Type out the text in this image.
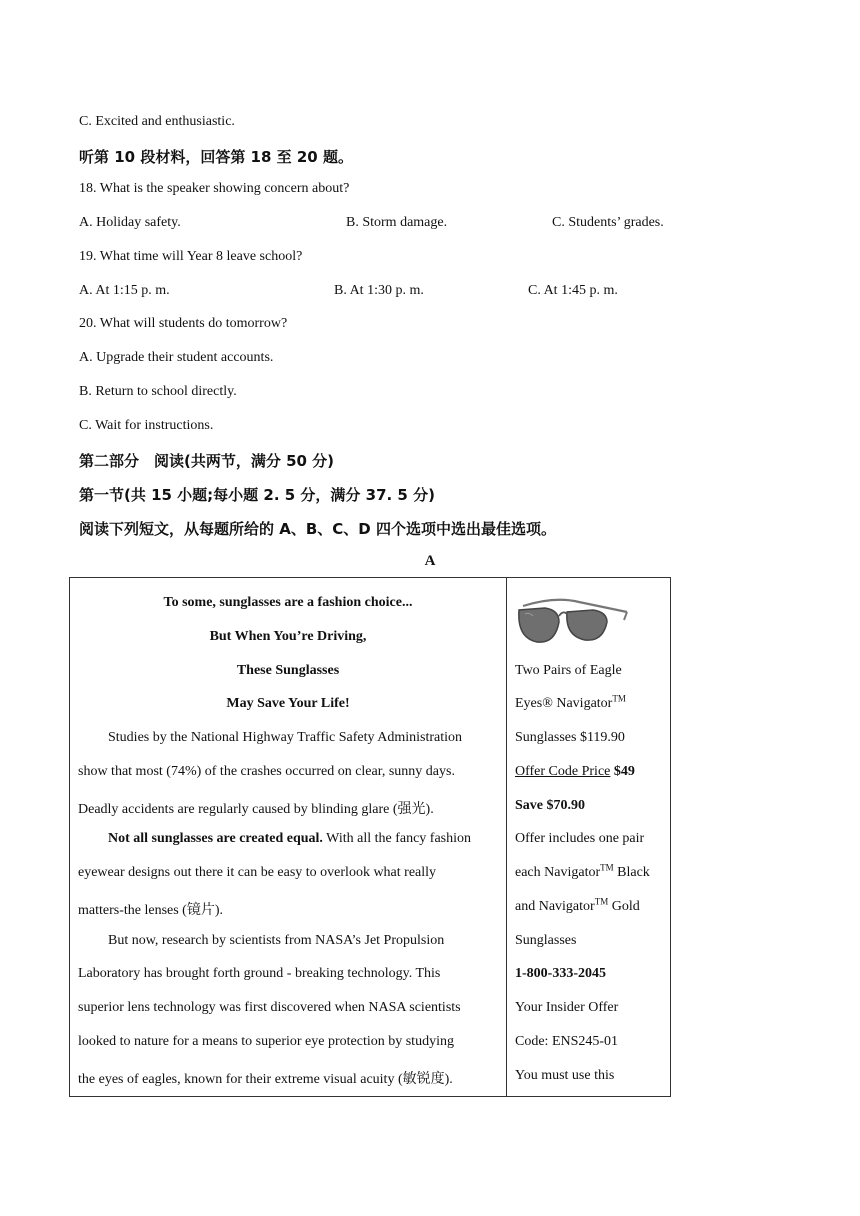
C. Excited and enthusiastic.
听第 10 段材料，回答第 18 至 20 题。
18. What is the speaker showing concern about?
A. Holiday safety.	B. Storm damage.	C. Students’ grades.
19. What time will Year 8 leave school?
A. At 1:15 p. m.	B. At 1:30 p. m.	C. At 1:45 p. m.
20. What will students do tomorrow?
A. Upgrade their student accounts.
B. Return to school directly.
C. Wait for instructions.
第二部分　阅读(共两节，满分 50 分)
第一节(共 15 小题;每小题 2. 5 分，满分 37. 5 分)
阅读下列短文，从每题所给的 A、B、C、D 四个选项中选出最佳选项。
A
To some, sunglasses are a fashion choice...
But When You’re Driving,
These Sunglasses
May Save Your Life!
Studies by the National Highway Traffic Safety Administration
show that most (74%) of the crashes occurred on clear, sunny days.
Deadly accidents are regularly caused by blinding glare (强光).
Not all sunglasses are created equal. With all the fancy fashion
eyewear designs out there it can be easy to overlook what really
matters-the lenses (镜片).
But now, research by scientists from NASA’s Jet Propulsion
Laboratory has brought forth ground - breaking technology. This
superior lens technology was first discovered when NASA scientists
looked to nature for a means to superior eye protection by studying
the eyes of eagles, known for their extreme visual acuity (敏锐度).
Two Pairs of Eagle
Eyes® Navigator™
Sunglasses $119.90
Offer Code Price $49
Save $70.90
Offer includes one pair
each Navigator™ Black
and Navigator™ Gold
Sunglasses
1-800-333-2045
Your Insider Offer
Code: ENS245-01
You must use this
